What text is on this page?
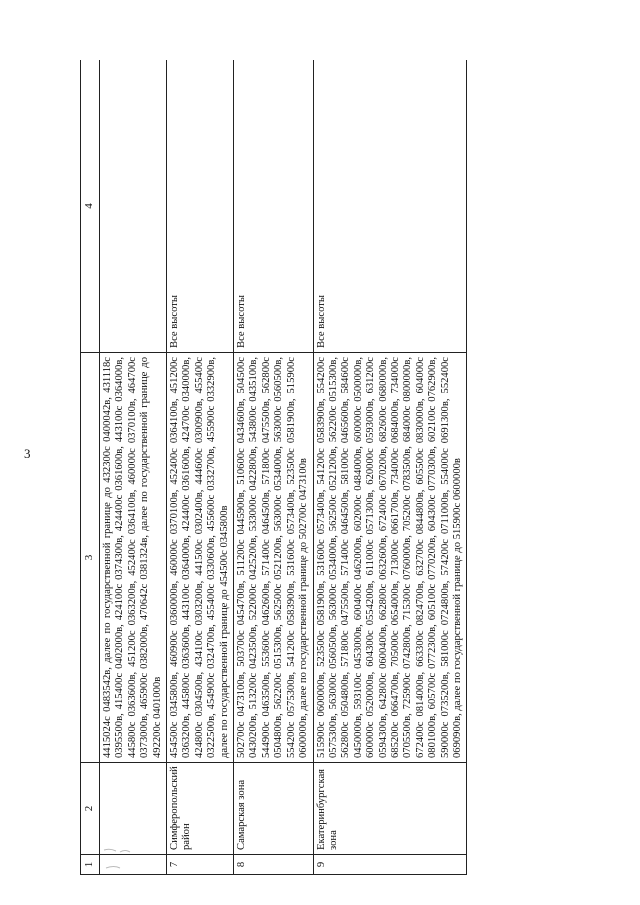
3
1	2	3	4
		4415024с 0483542в, далее по государственной границе до 432300с 0400042в, 431118с 0395500в, 415400с 0402000в, 424100с 0374300в, 424400с 0361600в, 443100с 0364000в, 445800с 0363600в, 451200с 0363200в, 452400с 0364100в, 460000с 0370100в, 464700с 0373000в, 465900с 0382000в, 470642с 0381324в, далее по государственной границе до 492200с 0401000в	
7	Симферопольский район	454500с 0345800в, 460900с 0360000в, 460000с 0370100в, 452400с 0364100в, 451200с 0363200в, 445800с 0363600в, 443100с 0364000в, 424400с 0361600в, 424700с 0340000в, 424800с 0304500в, 434100с 0303200в, 441500с 0302400в, 444600с 0300900в, 455400с 0322500в, 454900с 0324700в, 455400с 0330600в, 455600с 0332700в, 455900с 0332900в, далее по государственной границе до 454500с 0345800в	Все высоты
8	Самарская зона	502700с 0473100в, 503700с 0454700в, 511200с 0445900в, 510600с 0434600в, 504500с 0430200в, 513200с 0423500в, 522000с 0425200в, 533000с 0422800в, 543800с 0435100в, 544900с 0463500в, 553600с 0462600в, 571400с 0464500в, 571800с 0475500в, 562800с 0504800в, 562200с 0515300в, 562500с 0521200в, 563000с 0534000в, 563000с 0560500в, 554200с 0575300в, 541200с 0583900в, 531600с 0573400в, 523500с 0581900в, 515900с 0600000в, далее по государственной границе до 502700с 0473100в	Все высоты
9	Екатеринбургская зона	515900с 0600000в, 523500с 0581900в, 531600с 0573400в, 541200с 0583900в, 554200с 0575300в, 563000с 0560500в, 563000с 0534000в, 562500с 0521200в, 562200с 0515300в, 562800с 0504800в, 571800с 0475500в, 571400с 0464500в, 581000с 0465600в, 584600с 0450000в, 593100с 0453000в, 600400с 0462000в, 602000с 0484000в, 600000с 0500000в, 600000с 0520000в, 604300с 0554200в, 611000с 0571300в, 620000с 0593000в, 631200с 0594300в, 642800с 0600400в, 662800с 0632600в, 672400с 0670200в, 682600с 0680000в, 685200с 0664700в, 705000с 0654000в, 713000с 0661700в, 734000с 0684000в, 734000с 0705500в, 725900с 0742800в, 715300с 0760000в, 705200с 0783500в, 684000с 0800000в, 672400с 0814000в, 663300с 0824700в, 632700с 0844800в, 605500с 0830000в, 604000с 0801000в, 605700с 0772300в, 605100с 0770200в, 604300с 0770300в, 602100с 0762900в, 590000с 0735200в, 581000с 0724800в, 574200с 0711000в, 554000с 0691300в, 552400с 0690900в, далее по государственной границе до 515900с 0600000в	Все высоты
